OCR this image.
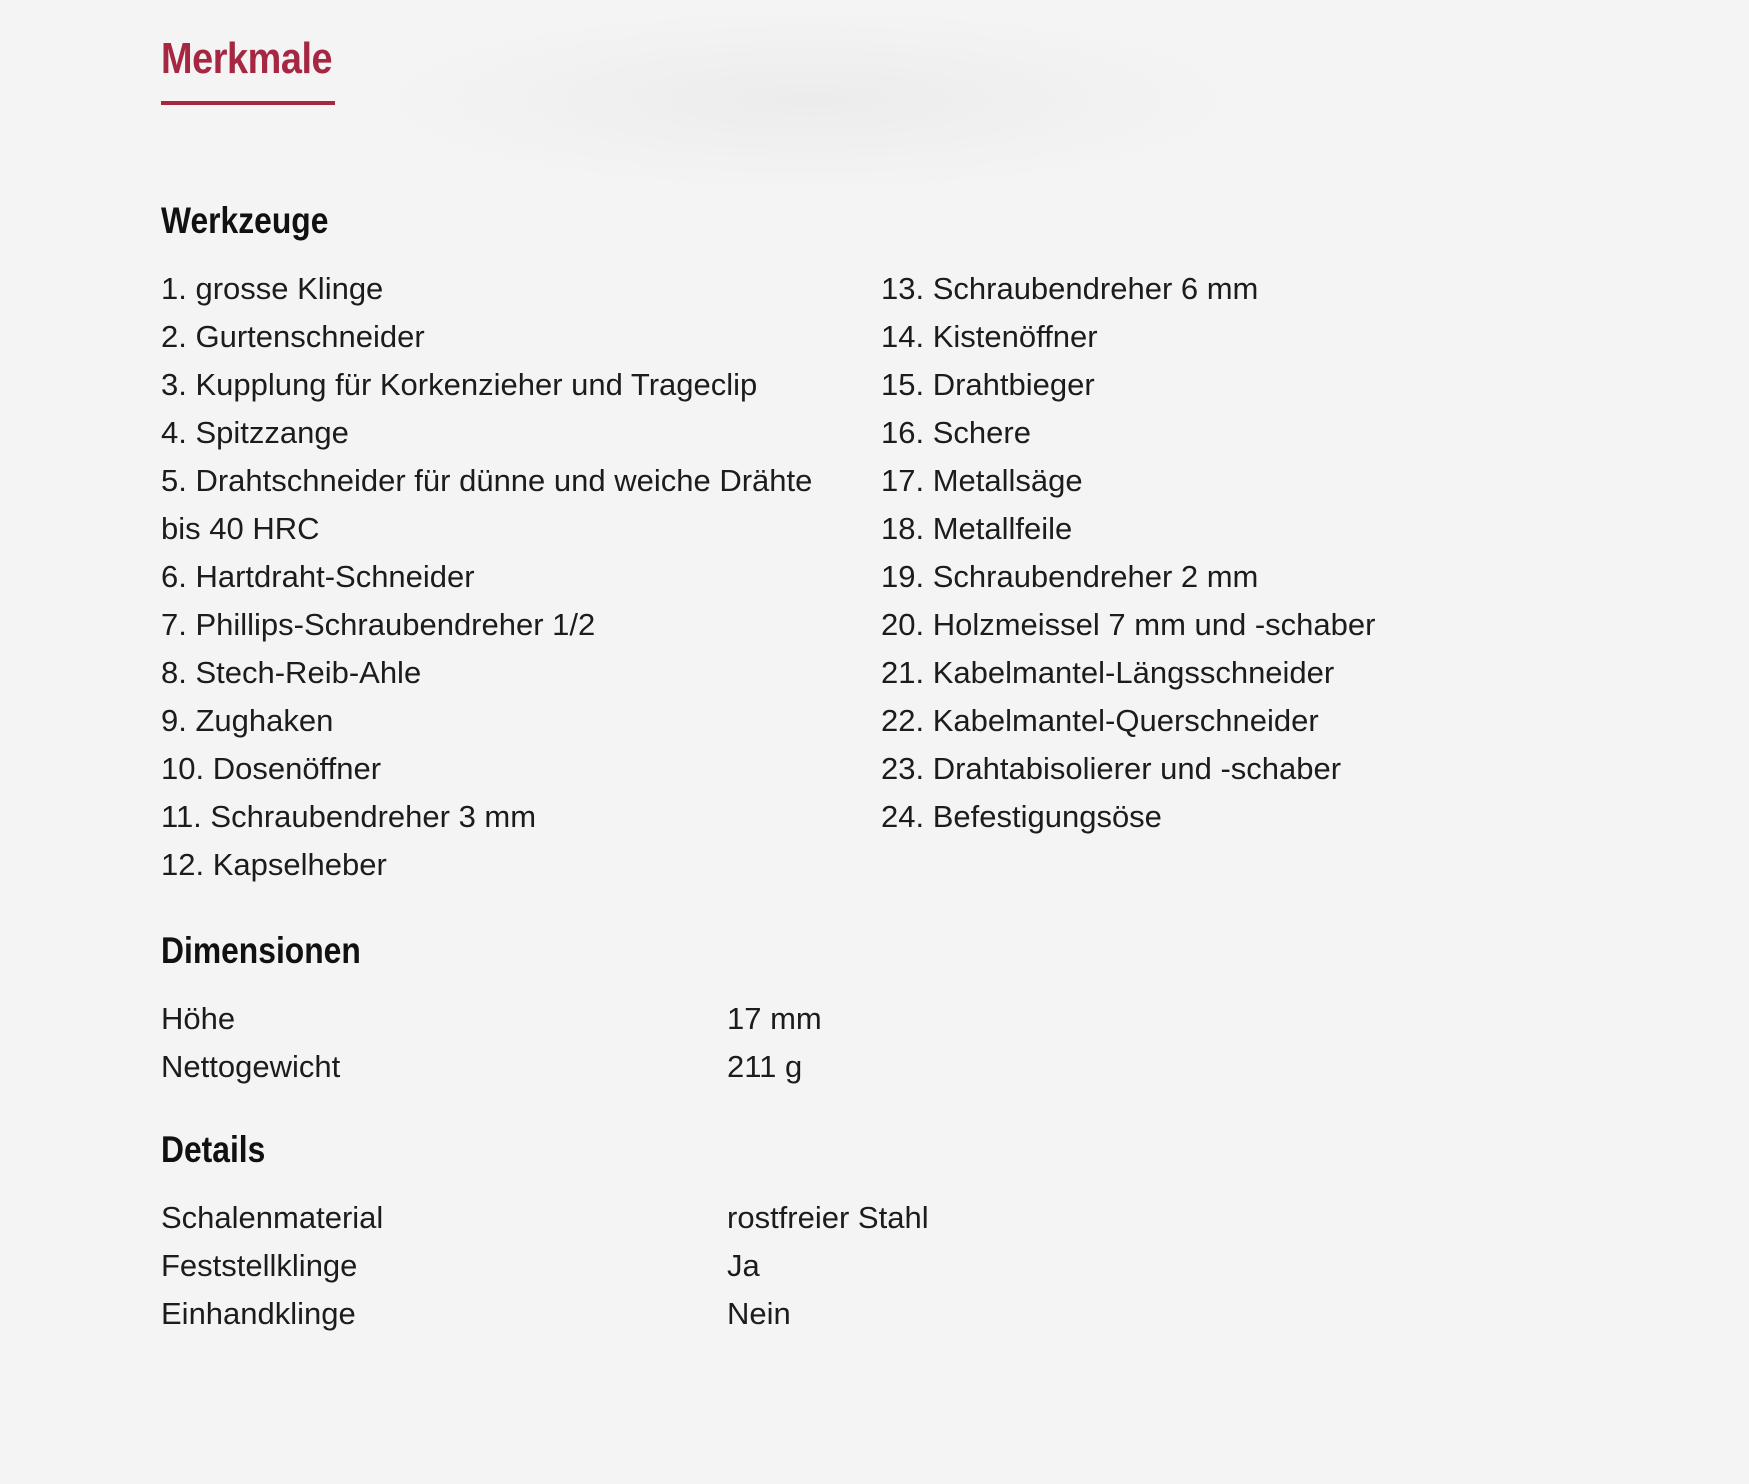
Merkmale
Werkzeuge
1. grosse Klinge
2. Gurtenschneider
3. Kupplung für Korkenzieher und Trageclip
4. Spitzzange
5. Drahtschneider für dünne und weiche Drähte bis 40 HRC
6. Hartdraht-Schneider
7. Phillips-Schraubendreher 1/2
8. Stech-Reib-Ahle
9. Zughaken
10. Dosenöffner
11. Schraubendreher 3 mm
12. Kapselheber
13. Schraubendreher 6 mm
14. Kistenöffner
15. Drahtbieger
16. Schere
17. Metallsäge
18. Metallfeile
19. Schraubendreher 2 mm
20. Holzmeissel 7 mm und -schaber
21. Kabelmantel-Längsschneider
22. Kabelmantel-Querschneider
23. Drahtabisolierer und -schaber
24. Befestigungsöse
Dimensionen
Höhe	17 mm
Nettogewicht	211 g
Details
Schalenmaterial	rostfreier Stahl
Feststellklinge	Ja
Einhandklinge	Nein
